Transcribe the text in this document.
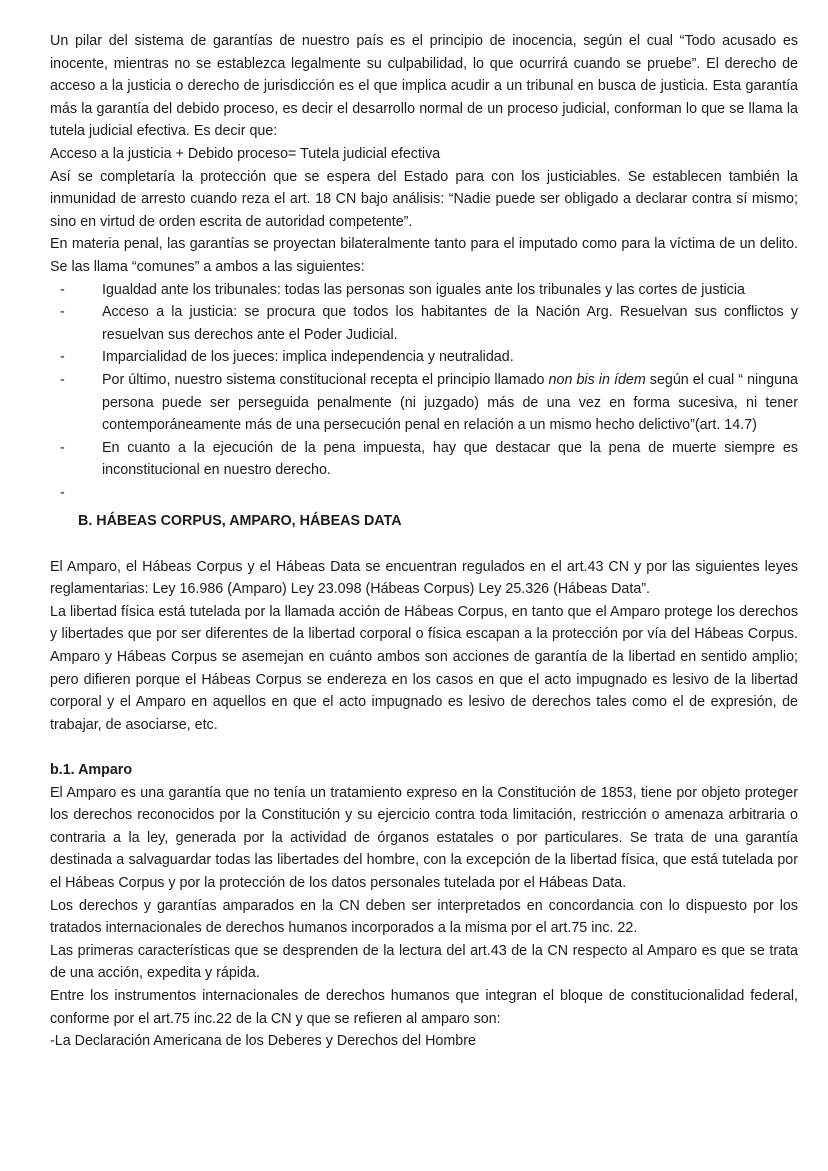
Un pilar del sistema de garantías de nuestro país es el principio de inocencia, según el cual “Todo acusado es inocente, mientras no se establezca legalmente su culpabilidad, lo que ocurrirá cuando se pruebe”. El derecho de acceso a la justicia o derecho de jurisdicción es el que implica acudir a un tribunal en busca de justicia. Esta garantía más la garantía del debido proceso, es decir el desarrollo normal de un proceso judicial, conforman lo que se llama la tutela judicial efectiva. Es decir que:

Acceso a la justicia + Debido proceso= Tutela judicial efectiva

Así se completaría la protección que se espera del Estado para con los justiciables. Se establecen también la inmunidad de arresto cuando reza el art. 18 CN bajo análisis: “Nadie puede ser obligado a declarar contra sí mismo; sino en virtud de orden escrita de autoridad competente”.

En materia penal, las garantías se proyectan bilateralmente tanto para el imputado como para la víctima de un delito. Se las llama “comunes” a ambos a las siguientes:

-	Igualdad ante los tribunales: todas las personas son iguales ante los tribunales y las cortes de justicia
-	Acceso a la justicia: se procura que todos los habitantes de la Nación Arg. Resuelvan sus conflictos y resuelvan sus derechos ante el Poder Judicial.
-	Imparcialidad de los jueces: implica independencia y neutralidad.
-	Por último, nuestro sistema constitucional recepta el principio llamado non bis in ídem según el cual “ ninguna persona puede ser perseguida penalmente (ni juzgado) más de una vez en forma sucesiva, ni tener contemporáneamente más de una persecución penal en relación a un mismo hecho delictivo”(art. 14.7)
-	En cuanto a la ejecución de la pena impuesta, hay que destacar que la pena de muerte siempre es inconstitucional en nuestro derecho.
-

B. HÁBEAS CORPUS, AMPARO, HÁBEAS DATA

El Amparo, el Hábeas Corpus y el Hábeas Data se encuentran regulados en el art.43 CN y por las siguientes leyes reglamentarias: Ley 16.986 (Amparo) Ley 23.098 (Hábeas Corpus) Ley 25.326 (Hábeas Data”.

La libertad física está tutelada por la llamada acción de Hábeas Corpus, en tanto que el Amparo protege los derechos y libertades que por ser diferentes de la libertad corporal o física escapan a la protección por vía del Hábeas Corpus. Amparo y Hábeas Corpus se asemejan en cuánto ambos son acciones de garantía de la libertad en sentido amplio; pero difieren porque el Hábeas Corpus se endereza en los casos en que el acto impugnado es lesivo de la libertad corporal y el Amparo en aquellos en que el acto impugnado es lesivo de derechos tales como el de expresión, de trabajar, de asociarse, etc.

b.1. Amparo

El Amparo es una garantía que no tenía un tratamiento expreso en la Constitución de 1853, tiene por objeto proteger los derechos reconocidos por la Constitución y su ejercicio contra toda limitación, restricción o amenaza arbitraria o contraria a la ley, generada por la actividad de órganos estatales o por particulares. Se trata de una garantía destinada a salvaguardar todas las libertades del hombre, con la excepción de la libertad física, que está tutelada por el Hábeas Corpus y por la protección de los datos personales tutelada por el Hábeas Data.

Los derechos y garantías amparados en la CN deben ser interpretados en concordancia con lo dispuesto por los tratados internacionales de derechos humanos incorporados a la misma por el art.75 inc. 22.

Las primeras características que se desprenden de la lectura del art.43 de la CN respecto al Amparo es que se trata de una acción, expedita y rápida.

Entre los instrumentos internacionales de derechos humanos que integran el bloque de constitucionalidad federal, conforme por el art.75 inc.22 de la CN y que se refieren al amparo son:

-La Declaración Americana de los Deberes y Derechos del Hombre
